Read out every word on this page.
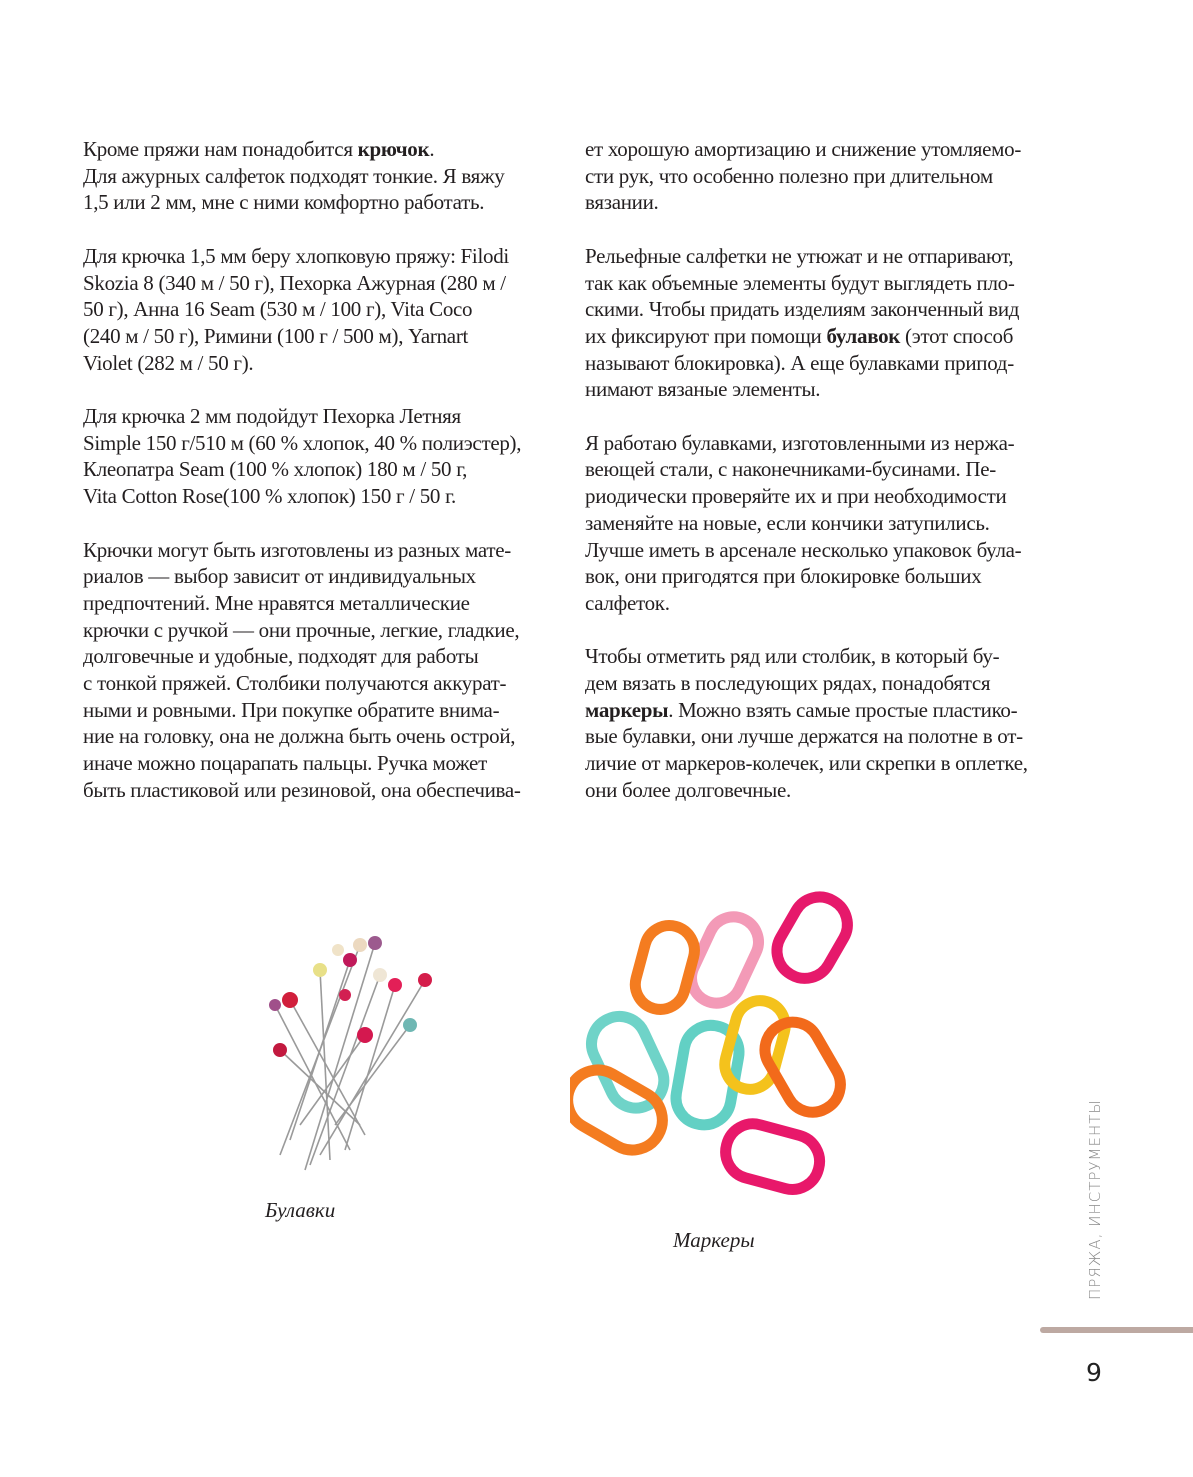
Кроме пряжи нам понадобится крючок.
Для ажурных салфеток подходят тонкие. Я вяжу
1,5 или 2 мм, мне с ними комфортно работать.
Для крючка 1,5 мм беру хлопковую пряжу: Filodi
Skozia 8 (340 м / 50 г), Пехорка Ажурная (280 м /
50 г), Анна 16 Seam (530 м / 100 г), Vita Coco
(240 м / 50 г), Римини (100 г / 500 м), Yarnart
Violet (282 м / 50 г).
Для крючка 2 мм подойдут Пехорка Летняя
Simple 150 г/510 м (60 % хлопок, 40 % полиэстер),
Клеопатра Seam (100 % хлопок) 180 м / 50 г,
Vita Cotton Rose(100 % хлопок) 150 г / 50 г.
Крючки могут быть изготовлены из разных мате-
риалов — выбор зависит от индивидуальных
предпочтений. Мне нравятся металлические
крючки с ручкой — они прочные, легкие, гладкие,
долговечные и удобные, подходят для работы
с тонкой пряжей. Столбики получаются аккурат-
ными и ровными. При покупке обратите внима-
ние на головку, она не должна быть очень острой,
иначе можно поцарапать пальцы. Ручка может
быть пластиковой или резиновой, она обеспечива-
ет хорошую амортизацию и снижение утомляемо-
сти рук, что особенно полезно при длительном
вязании.
Рельефные салфетки не утюжат и не отпаривают,
так как объемные элементы будут выглядеть пло-
скими. Чтобы придать изделиям законченный вид
их фиксируют при помощи булавок (этот способ
называют блокировка). А еще булавками припод-
нимают вязаные элементы.
Я работаю булавками, изготовленными из нержа-
веющей стали, с наконечниками-бусинами. Пе-
риодически проверяйте их и при необходимости
заменяйте на новые, если кончики затупились.
Лучше иметь в арсенале несколько упаковок була-
вок, они пригодятся при блокировке больших
салфеток.
Чтобы отметить ряд или столбик, в который бу-
дем вязать в последующих рядах, понадобятся
маркеры. Можно взять самые простые пластико-
вые булавки, они лучше держатся на полотне в от-
личие от маркеров-колечек, или скрепки в оплетке,
они более долговечные.
Булавки
Маркеры	ПРЯЖА, ИНСТРУМЕНТЫ
9
